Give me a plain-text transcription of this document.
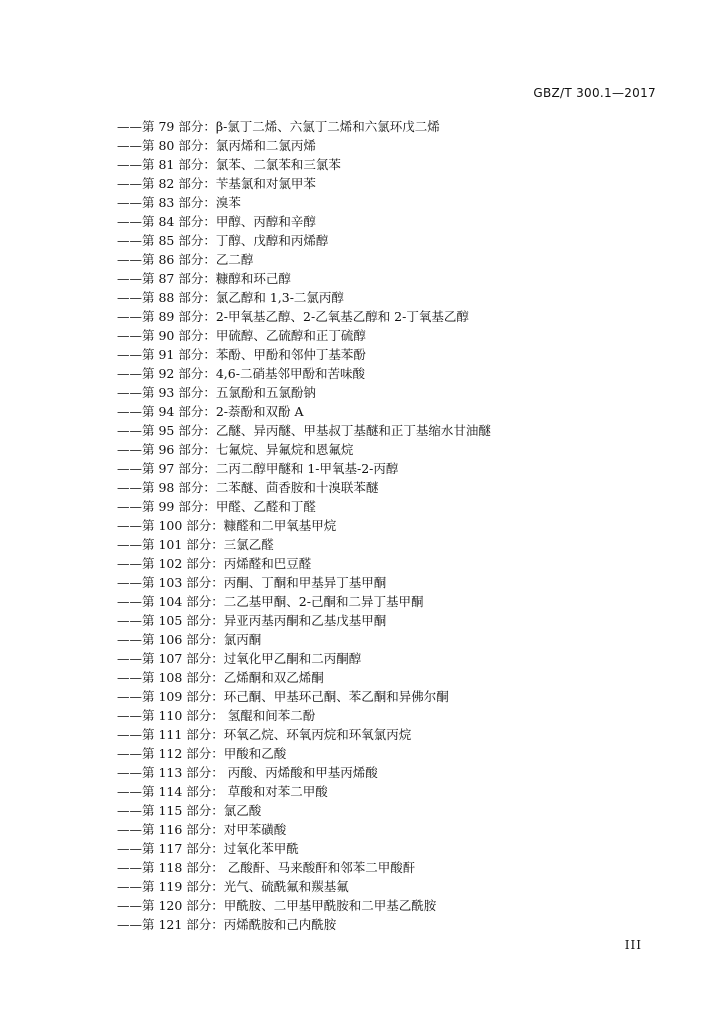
GBZ/T 300.1—2017
——第 79 部分：β-氯丁二烯、六氯丁二烯和六氯环戊二烯
——第 80 部分：氯丙烯和二氯丙烯
——第 81 部分：氯苯、二氯苯和三氯苯
——第 82 部分：苄基氯和对氯甲苯
——第 83 部分：溴苯
——第 84 部分：甲醇、丙醇和辛醇
——第 85 部分：丁醇、戊醇和丙烯醇
——第 86 部分：乙二醇
——第 87 部分：糠醇和环己醇
——第 88 部分：氯乙醇和 1,3-二氯丙醇
——第 89 部分：2-甲氧基乙醇、2-乙氧基乙醇和 2-丁氧基乙醇
——第 90 部分：甲硫醇、乙硫醇和正丁硫醇
——第 91 部分：苯酚、甲酚和邻仲丁基苯酚
——第 92 部分：4,6-二硝基邻甲酚和苦味酸
——第 93 部分：五氯酚和五氯酚钠
——第 94 部分：2-萘酚和双酚 A
——第 95 部分：乙醚、异丙醚、甲基叔丁基醚和正丁基缩水甘油醚
——第 96 部分：七氟烷、异氟烷和恩氟烷
——第 97 部分：二丙二醇甲醚和 1-甲氧基-2-丙醇
——第 98 部分：二苯醚、茴香胺和十溴联苯醚
——第 99 部分：甲醛、乙醛和丁醛
——第 100 部分：糠醛和二甲氧基甲烷
——第 101 部分：三氯乙醛
——第 102 部分：丙烯醛和巴豆醛
——第 103 部分：丙酮、丁酮和甲基异丁基甲酮
——第 104 部分：二乙基甲酮、2-己酮和二异丁基甲酮
——第 105 部分：异亚丙基丙酮和乙基戊基甲酮
——第 106 部分：氯丙酮
——第 107 部分：过氧化甲乙酮和二丙酮醇
——第 108 部分：乙烯酮和双乙烯酮
——第 109 部分：环己酮、甲基环己酮、苯乙酮和异佛尔酮
——第 110 部分： 氢醌和间苯二酚
——第 111 部分：环氧乙烷、环氧丙烷和环氧氯丙烷
——第 112 部分：甲酸和乙酸
——第 113 部分： 丙酸、丙烯酸和甲基丙烯酸
——第 114 部分： 草酸和对苯二甲酸
——第 115 部分：氯乙酸
——第 116 部分：对甲苯磺酸
——第 117 部分：过氧化苯甲酰
——第 118 部分： 乙酸酐、马来酸酐和邻苯二甲酸酐
——第 119 部分：光气、硫酰氟和羰基氟
——第 120 部分：甲酰胺、二甲基甲酰胺和二甲基乙酰胺
——第 121 部分：丙烯酰胺和己内酰胺
III
